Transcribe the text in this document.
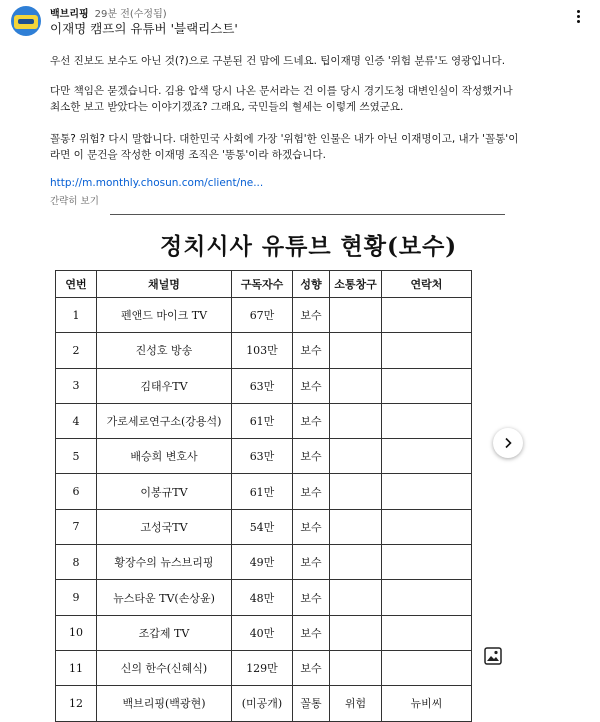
백브리핑 29분 전(수정됨)
이재명 캠프의 유튜버 '블랙리스트'
우선 진보도 보수도 아닌 것(?)으로 구분된 건 맘에 드네요. 팁이재명 인증 '위험 분류'도 영광입니다.
다만 책임은 묻겠습니다. 김용 압색 당시 나온 문서라는 건 이를 당시 경기도청 대변인실이 작성했거나
최소한 보고 받았다는 이야기겠죠? 그래요, 국민들의 혈세는 이렇게 쓰였군요.
꼴통? 위험? 다시 말합니다. 대한민국 사회에 가장 '위험'한 인물은 내가 아닌 이재명이고, 내가 '꼴통'이
라면 이 문건을 작성한 이재명 조직은 '똥통'이라 하겠습니다.
http://m.monthly.chosun.com/client/ne...
간략히 보기
정치시사 유튜브 현황(보수)
연번	채널명	구독자수	성향	소통창구	연락처
1	펜앤드 마이크 TV	67만	보수		
2	진성호 방송	103만	보수		
3	김태우TV	63만	보수		
4	가로세로연구소(강용석)	61만	보수		
5	배승희 변호사	63만	보수		
6	이봉규TV	61만	보수		
7	고성국TV	54만	보수		
8	황장수의 뉴스브리핑	49만	보수		
9	뉴스타운 TV(손상윤)	48만	보수		
10	조갑제 TV	40만	보수		
11	신의 한수(신혜식)	129만	보수		
12	백브리핑(백광현)	(미공개)	꼴통	위험	뉴비씨
